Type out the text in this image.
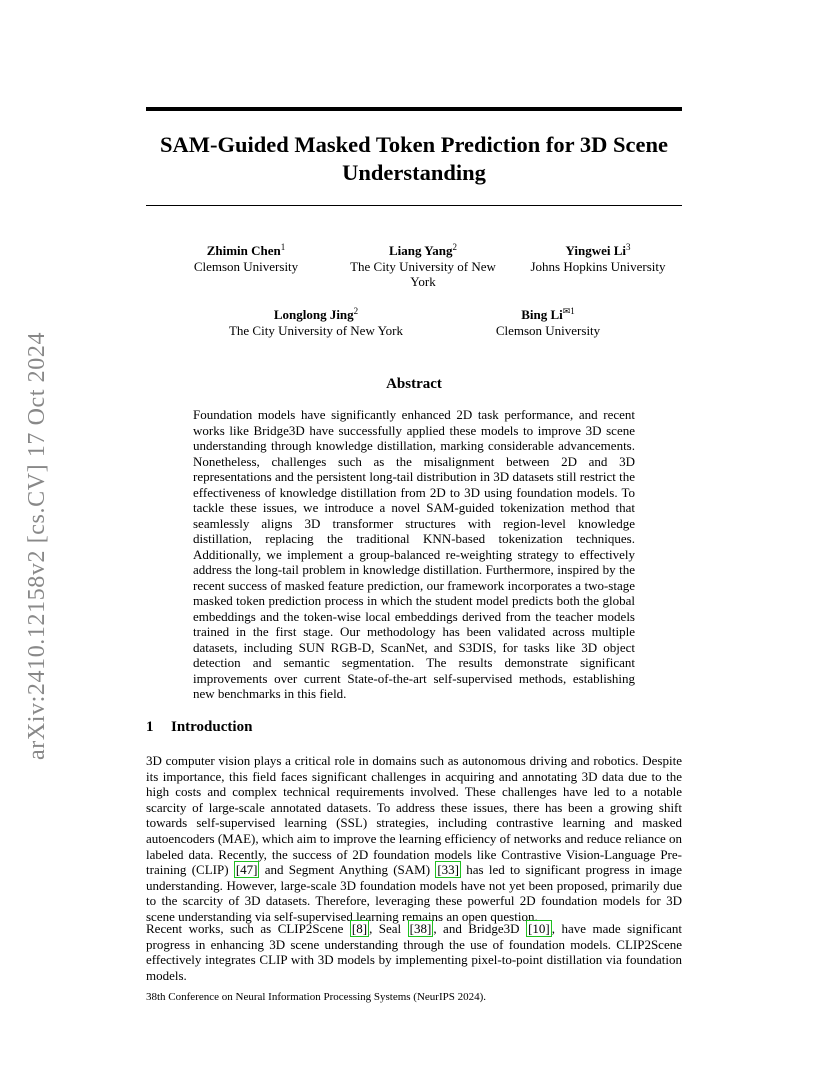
arXiv:2410.12158v2 [cs.CV] 17 Oct 2024
SAM-Guided Masked Token Prediction for 3D Scene Understanding
Zhimin Chen$^1$
Clemson University
Liang Yang$^2$
The City University of New York
Yingwei Li$^3$
Johns Hopkins University
Longlong Jing$^2$
The City University of New York
Bing $Li^{✉1}$
Clemson University
Abstract
Foundation models have significantly enhanced 2D task performance, and recent works like Bridge3D have successfully applied these models to improve 3D scene understanding through knowledge distillation, marking considerable advancements. Nonetheless, challenges such as the misalignment between 2D and 3D representations and the persistent long-tail distribution in 3D datasets still restrict the effectiveness of knowledge distillation from 2D to 3D using foundation models. To tackle these issues, we introduce a novel SAM-guided tokenization method that seamlessly aligns 3D transformer structures with region-level knowledge distillation, replacing the traditional KNN-based tokenization techniques. Additionally, we implement a group-balanced re-weighting strategy to effectively address the long-tail problem in knowledge distillation. Furthermore, inspired by the recent success of masked feature prediction, our framework incorporates a two-stage masked token prediction process in which the student model predicts both the global embeddings and the token-wise local embeddings derived from the teacher models trained in the first stage. Our methodology has been validated across multiple datasets, including SUN RGB-D, ScanNet, and S3DIS, for tasks like 3D object detection and semantic segmentation. The results demonstrate significant improvements over current State-of-the-art self-supervised methods, establishing new benchmarks in this field.
1 Introduction
3D computer vision plays a critical role in domains such as autonomous driving and robotics. Despite its importance, this field faces significant challenges in acquiring and annotating 3D data due to the high costs and complex technical requirements involved. These challenges have led to a notable scarcity of large-scale annotated datasets. To address these issues, there has been a growing shift towards self-supervised learning (SSL) strategies, including contrastive learning and masked autoencoders (MAE), which aim to improve the learning efficiency of networks and reduce reliance on labeled data. Recently, the success of 2D foundation models like Contrastive Vision-Language Pre-training (CLIP) [47] and Segment Anything (SAM) [33] has led to significant progress in image understanding. However, large-scale 3D foundation models have not yet been proposed, primarily due to the scarcity of 3D datasets. Therefore, leveraging these powerful 2D foundation models for 3D scene understanding via self-supervised learning remains an open question.
Recent works, such as CLIP2Scene [8] , Seal [38] , and Bridge3D [10] , have made significant progress in enhancing 3D scene understanding through the use of foundation models. CLIP2Scene effectively integrates CLIP with 3D models by implementing pixel-to-point distillation via foundation models.
38th Conference on Neural Information Processing Systems (NeurIPS 2024).
